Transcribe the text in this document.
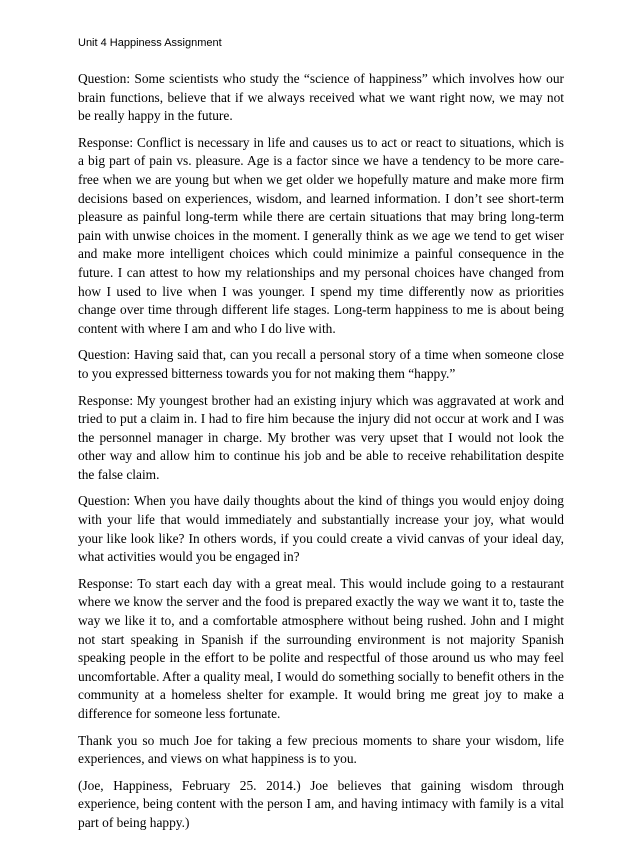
Unit 4 Happiness Assignment

Question: Some scientists who study the “science of happiness” which involves how our brain functions, believe that if we always received what we want right now, we may not be really happy in the future.

Response: Conflict is necessary in life and causes us to act or react to situations, which is a big part of pain vs. pleasure. Age is a factor since we have a tendency to be more care-free when we are young but when we get older we hopefully mature and make more firm decisions based on experiences, wisdom, and learned information. I don’t see short-term pleasure as painful long-term while there are certain situations that may bring long-term pain with unwise choices in the moment. I generally think as we age we tend to get wiser and make more intelligent choices which could minimize a painful consequence in the future. I can attest to how my relationships and my personal choices have changed from how I used to live when I was younger. I spend my time differently now as priorities change over time through different life stages. Long-term happiness to me is about being content with where I am and who I do live with.

Question: Having said that, can you recall a personal story of a time when someone close to you expressed bitterness towards you for not making them “happy.”

Response: My youngest brother had an existing injury which was aggravated at work and tried to put a claim in. I had to fire him because the injury did not occur at work and I was the personnel manager in charge. My brother was very upset that I would not look the other way and allow him to continue his job and be able to receive rehabilitation despite the false claim.

Question: When you have daily thoughts about the kind of things you would enjoy doing with your life that would immediately and substantially increase your joy, what would your like look like? In others words, if you could create a vivid canvas of your ideal day, what activities would you be engaged in?

Response: To start each day with a great meal. This would include going to a restaurant where we know the server and the food is prepared exactly the way we want it to, taste the way we like it to, and a comfortable atmosphere without being rushed. John and I might not start speaking in Spanish if the surrounding environment is not majority Spanish speaking people in the effort to be polite and respectful of those around us who may feel uncomfortable. After a quality meal, I would do something socially to benefit others in the community at a homeless shelter for example. It would bring me great joy to make a difference for someone less fortunate.

Thank you so much Joe for taking a few precious moments to share your wisdom, life experiences, and views on what happiness is to you.

(Joe, Happiness, February 25. 2014.) Joe believes that gaining wisdom through experience, being content with the person I am, and having intimacy with family is a vital part of being happy.)
